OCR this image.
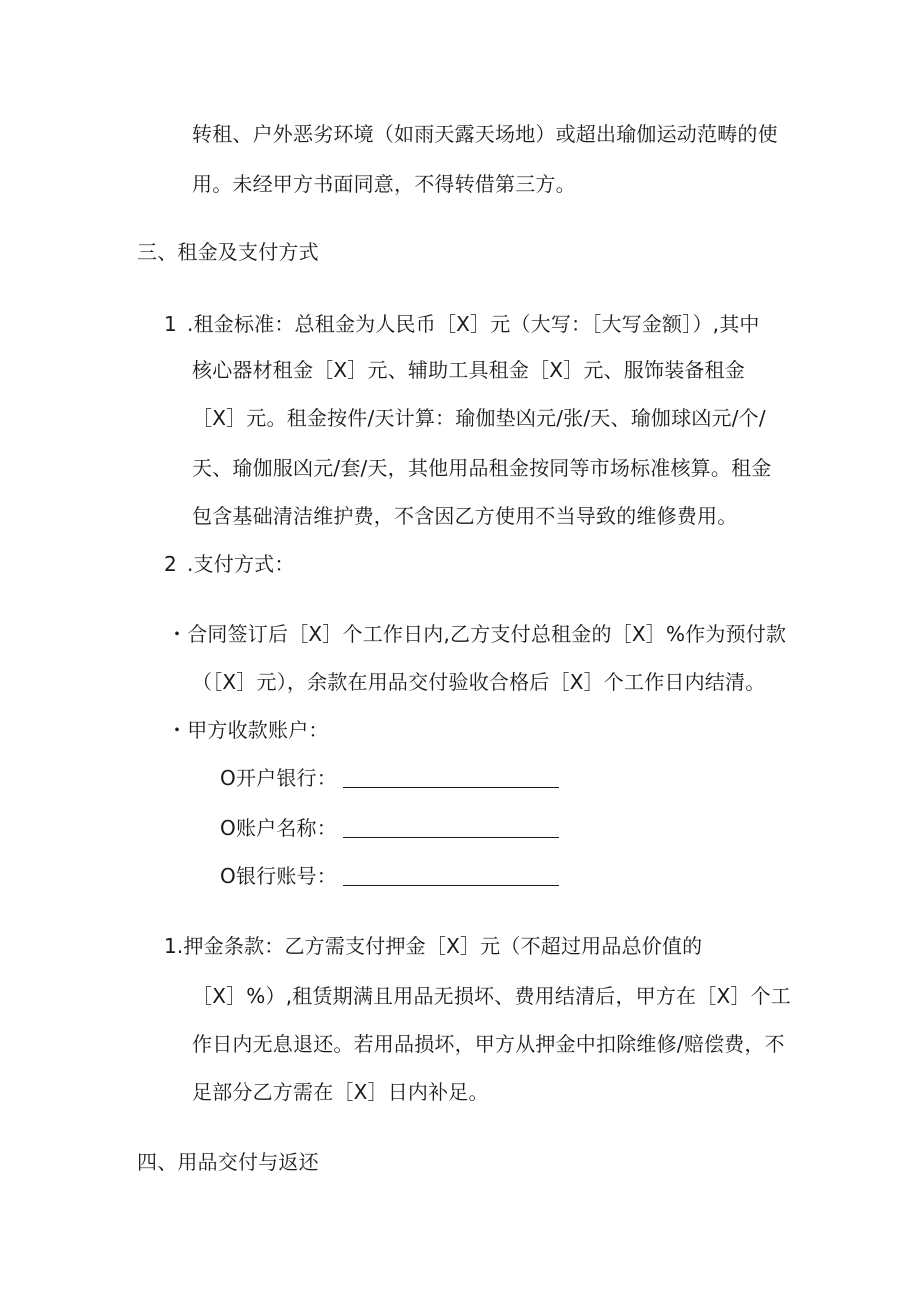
转租、户外恶劣环境（如雨天露天场地）或超出瑜伽运动范畴的使
用。未经甲方书面同意，不得转借第三方。
三、租金及支付方式
1 .租金标准：总租金为人民币［X］元（大写：［大写金额］）,其中
核心器材租金［X］元、辅助工具租金［X］元、服饰装备租金
［X］元。租金按件/天计算：瑜伽垫凶元/张/天、瑜伽球凶元/个/
天、瑜伽服凶元/套/天，其他用品租金按同等市场标准核算。租金
包含基础清洁维护费，不含因乙方使用不当导致的维修费用。
2 .支付方式：
・合同签订后［X］个工作日内,乙方支付总租金的［X］%作为预付款
（［X］元），余款在用品交付验收合格后［X］个工作日内结清。
・甲方收款账户：
O开户银行：
O账户名称：
O银行账号：
1.押金条款：乙方需支付押金［X］元（不超过用品总价值的
［X］%）,租赁期满且用品无损坏、费用结清后，甲方在［X］个工
作日内无息退还。若用品损坏，甲方从押金中扣除维修/赔偿费，不
足部分乙方需在［X］日内补足。
四、用品交付与返还
